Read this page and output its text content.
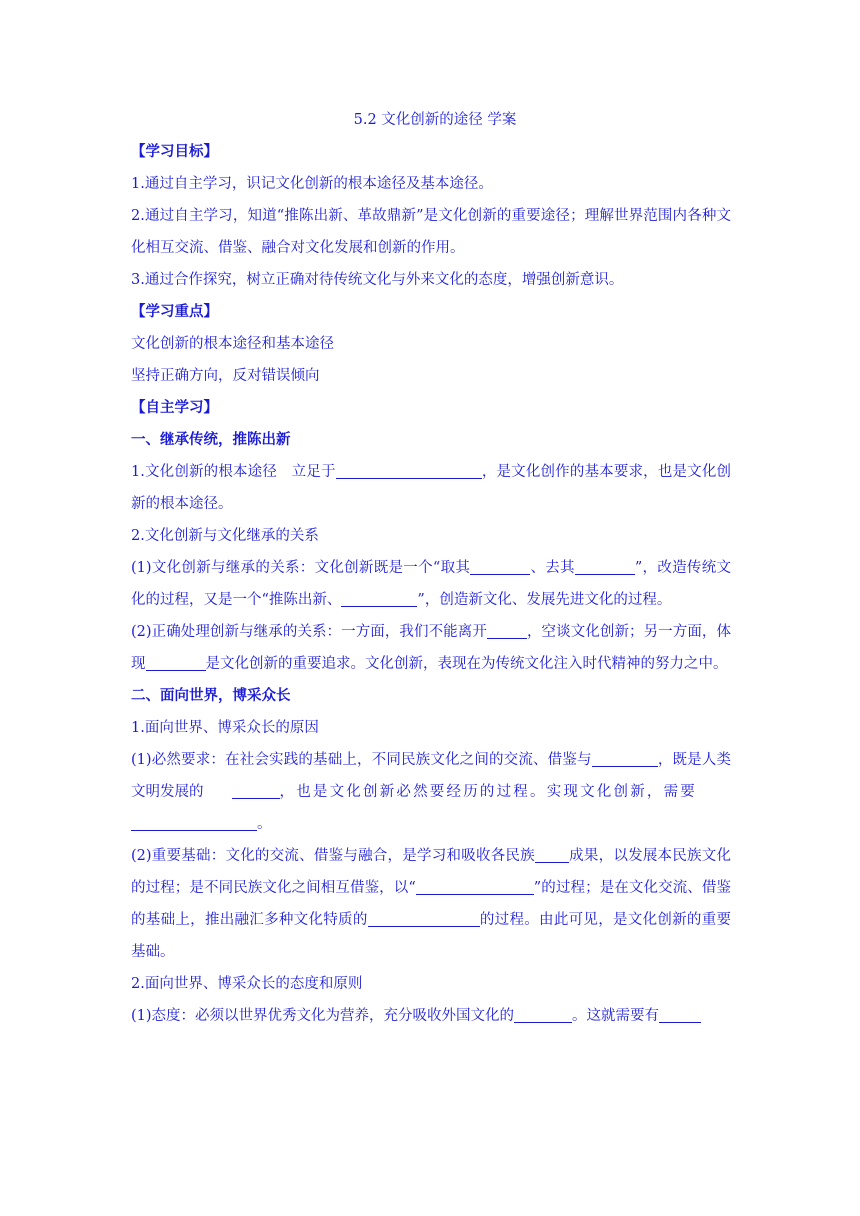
5.2 文化创新的途径 学案

【学习目标】

1.通过自主学习，识记文化创新的根本途径及基本途径。

2.通过自主学习，知道“推陈出新、革故鼎新”是文化创新的重要途径；理解世界范围内各种文化相互交流、借鉴、融合对文化发展和创新的作用。

3.通过合作探究，树立正确对待传统文化与外来文化的态度，增强创新意识。

【学习重点】

文化创新的根本途径和基本途径

坚持正确方向，反对错误倾向

【自主学习】

一、继承传统，推陈出新

1.文化创新的根本途径　立足于	，是文化创作的基本要求，也是文化创新的根本途径。

2.文化创新与文化继承的关系

(1)文化创新与继承的关系：文化创新既是一个“取其	、去其	”，改造传统文化的过程，又是一个“推陈出新、	”，创造新文化、发展先进文化的过程。

(2)正确处理创新与继承的关系：一方面，我们不能离开	，空谈文化创新；另一方面，体现	是文化创新的重要追求。文化创新，表现在为传统文化注入时代精神的努力之中。

二、面向世界，博采众长

1.面向世界、博采众长的原因

(1)必然要求：在社会实践的基础上，不同民族文化之间的交流、借鉴与	，既是人类文明发展的	，也是文化创新必然要经历的过程。实现文化创新，需要
。

(2)重要基础：文化的交流、借鉴与融合，是学习和吸收各民族 成果，以发展本民族文化的过程；是不同民族文化之间相互借鉴，以“	”的过程；是在文化交流、借鉴的基础上，推出融汇多种文化特质的	的过程。由此可见，是文化创新的重要基础。

2.面向世界、博采众长的态度和原则

(1)态度：必须以世界优秀文化为营养，充分吸收外国文化的	。这就需要有
